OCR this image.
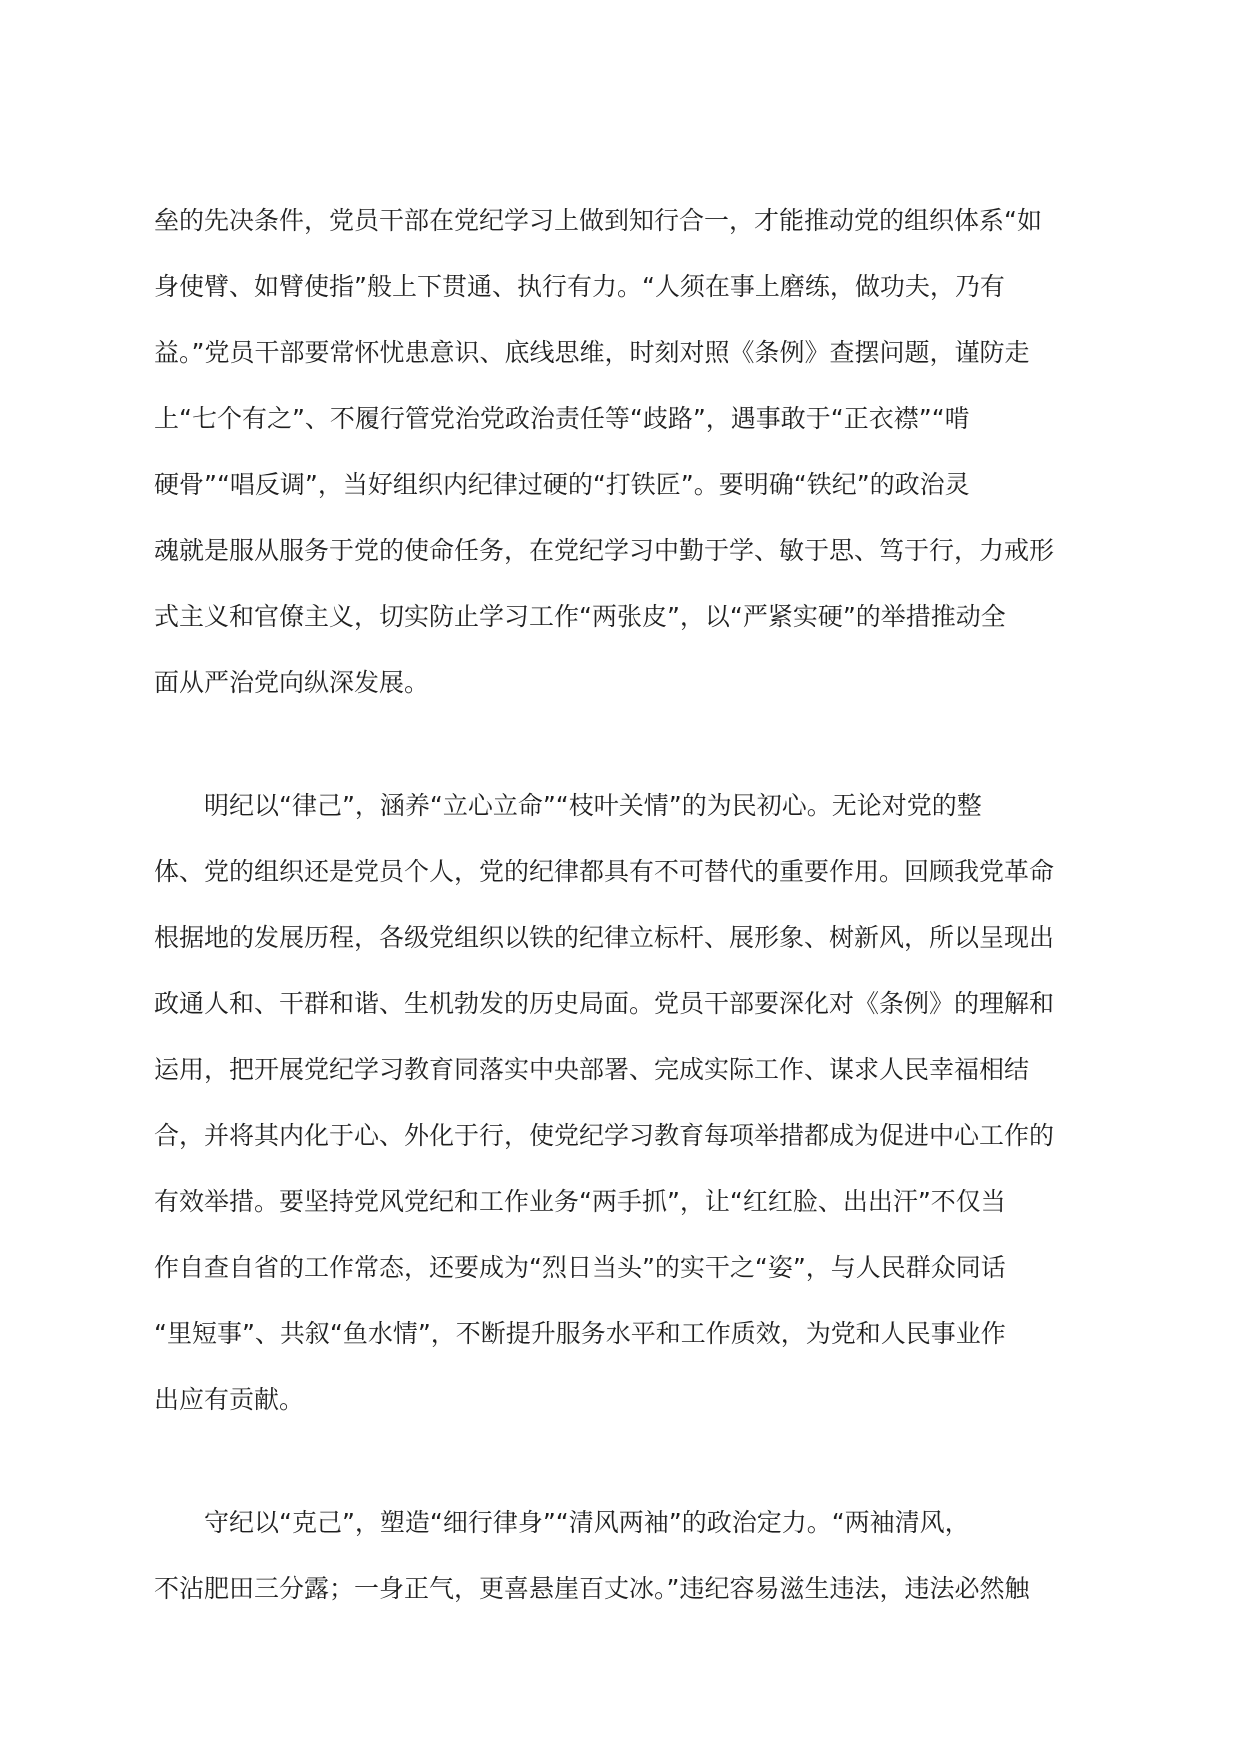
垒的先决条件，党员干部在党纪学习上做到知行合一，才能推动党的组织体系“如
身使臂、如臂使指”般上下贯通、执行有力。“人须在事上磨练，做功夫，乃有
益。”党员干部要常怀忧患意识、底线思维，时刻对照《条例》查摆问题，谨防走
上“七个有之”、不履行管党治党政治责任等“歧路”，遇事敢于“正衣襟”“啃
硬骨”“唱反调”，当好组织内纪律过硬的“打铁匠”。要明确“铁纪”的政治灵
魂就是服从服务于党的使命任务，在党纪学习中勤于学、敏于思、笃于行，力戒形
式主义和官僚主义，切实防止学习工作“两张皮”，以“严紧实硬”的举措推动全
面从严治党向纵深发展。
明纪以“律己”，涵养“立心立命”“枝叶关情”的为民初心。无论对党的整
体、党的组织还是党员个人，党的纪律都具有不可替代的重要作用。回顾我党革命
根据地的发展历程，各级党组织以铁的纪律立标杆、展形象、树新风，所以呈现出
政通人和、干群和谐、生机勃发的历史局面。党员干部要深化对《条例》的理解和
运用，把开展党纪学习教育同落实中央部署、完成实际工作、谋求人民幸福相结
合，并将其内化于心、外化于行，使党纪学习教育每项举措都成为促进中心工作的
有效举措。要坚持党风党纪和工作业务“两手抓”，让“红红脸、出出汗”不仅当
作自查自省的工作常态，还要成为“烈日当头”的实干之“姿”，与人民群众同话
“里短事”、共叙“鱼水情”，不断提升服务水平和工作质效，为党和人民事业作
出应有贡献。
守纪以“克己”，塑造“细行律身”“清风两袖”的政治定力。“两袖清风，
不沾肥田三分露；一身正气，更喜悬崖百丈冰。”违纪容易滋生违法，违法必然触
